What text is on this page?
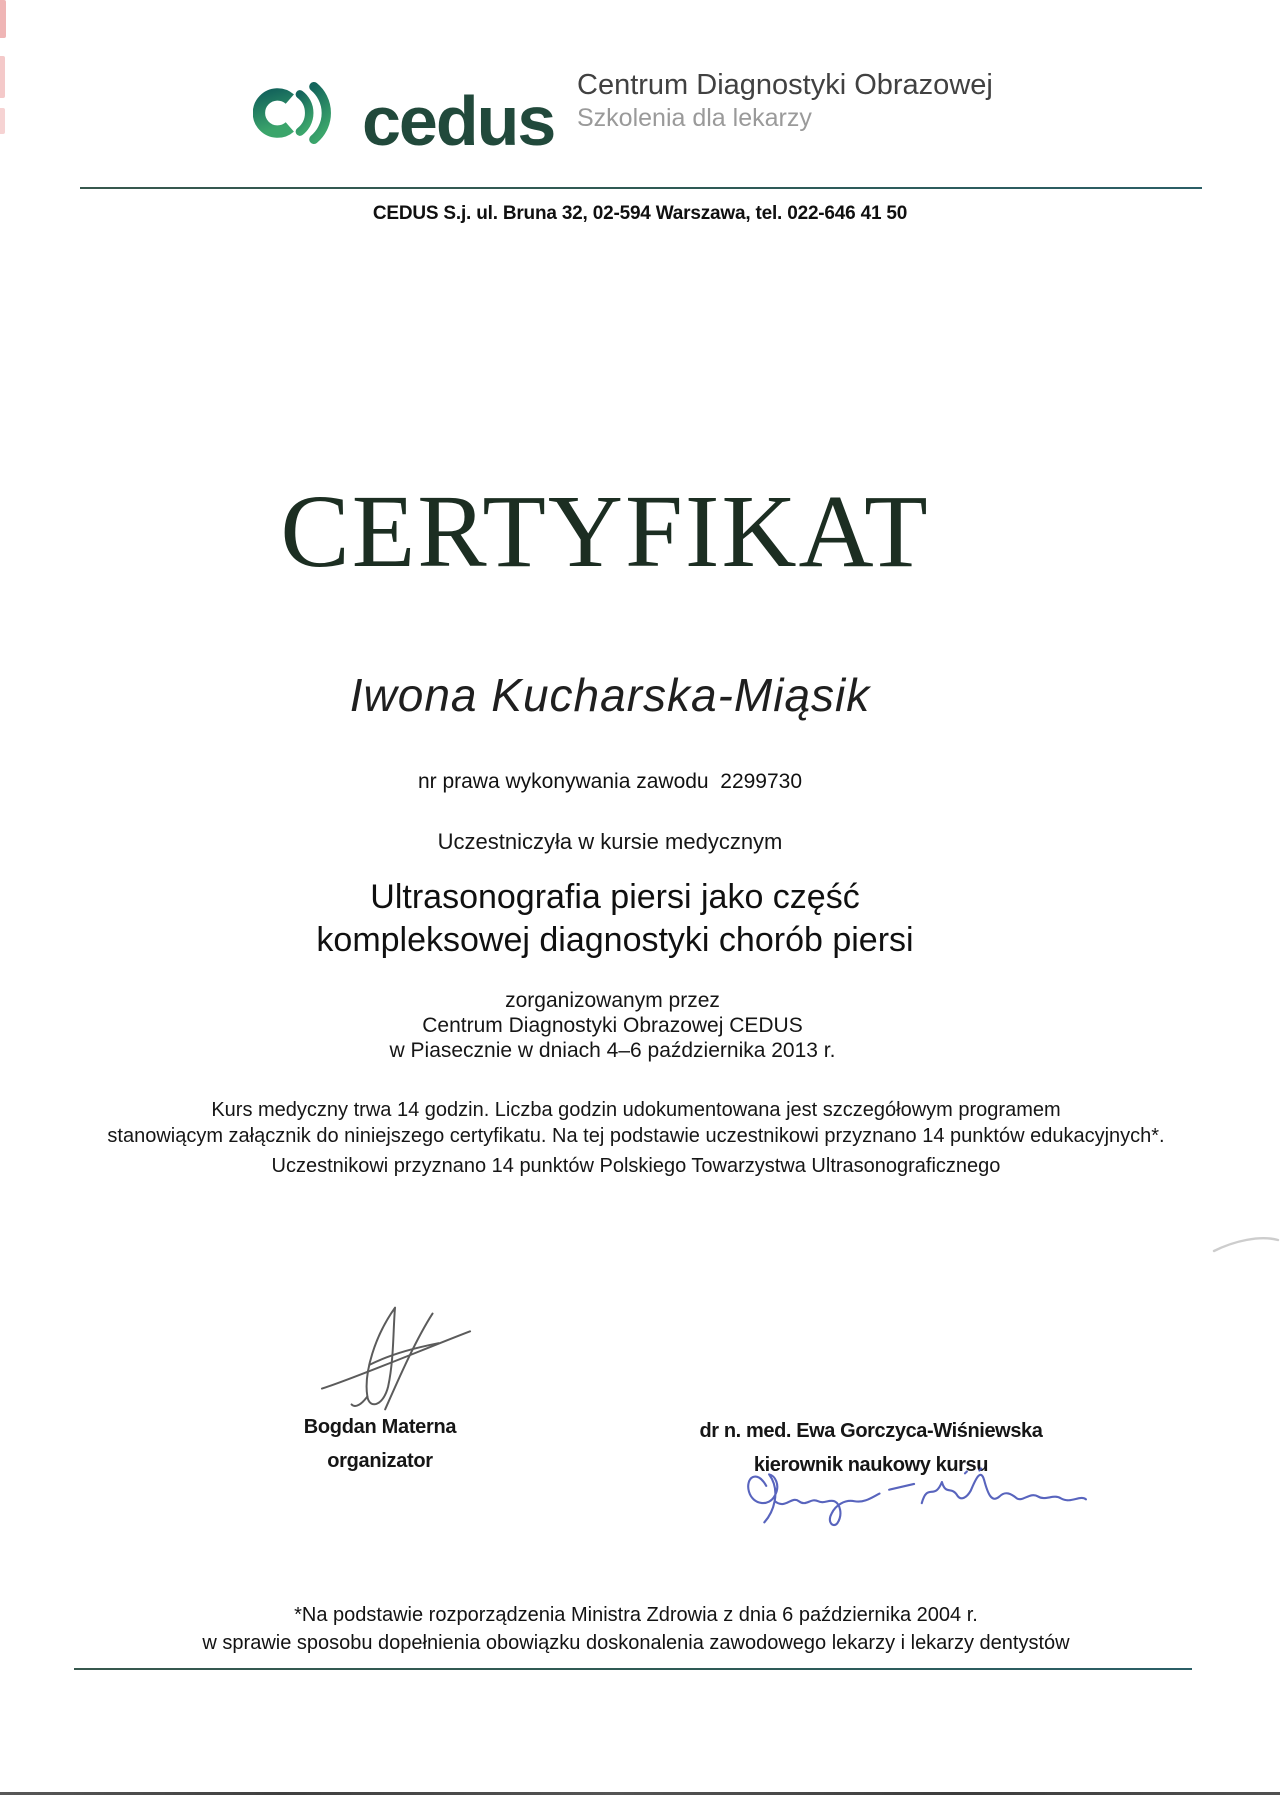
cedus Centrum Diagnostyki Obrazowej
Szkolenia dla lekarzy
CEDUS S.j. ul. Bruna 32, 02-594 Warszawa, tel. 022-646 41 50
CERTYFIKAT
Iwona Kucharska-Miąsik
nr prawa wykonywania zawodu  2299730
Uczestniczyła w kursie medycznym
Ultrasonografia piersi jako część
kompleksowej diagnostyki chorób piersi
zorganizowanym przez
Centrum Diagnostyki Obrazowej CEDUS
w Piasecznie w dniach 4–6 października 2013 r.
Kurs medyczny trwa 14 godzin. Liczba godzin udokumentowana jest szczegółowym programem
stanowiącym załącznik do niniejszego certyfikatu. Na tej podstawie uczestnikowi przyznano 14 punktów edukacyjnych*.
Uczestnikowi przyznano 14 punktów Polskiego Towarzystwa Ultrasonograficznego
Bogdan Materna
organizator
dr n. med. Ewa Gorczyca-Wiśniewska
kierownik naukowy kursu
*Na podstawie rozporządzenia Ministra Zdrowia z dnia 6 października 2004 r.
w sprawie sposobu dopełnienia obowiązku doskonalenia zawodowego lekarzy i lekarzy dentystów
